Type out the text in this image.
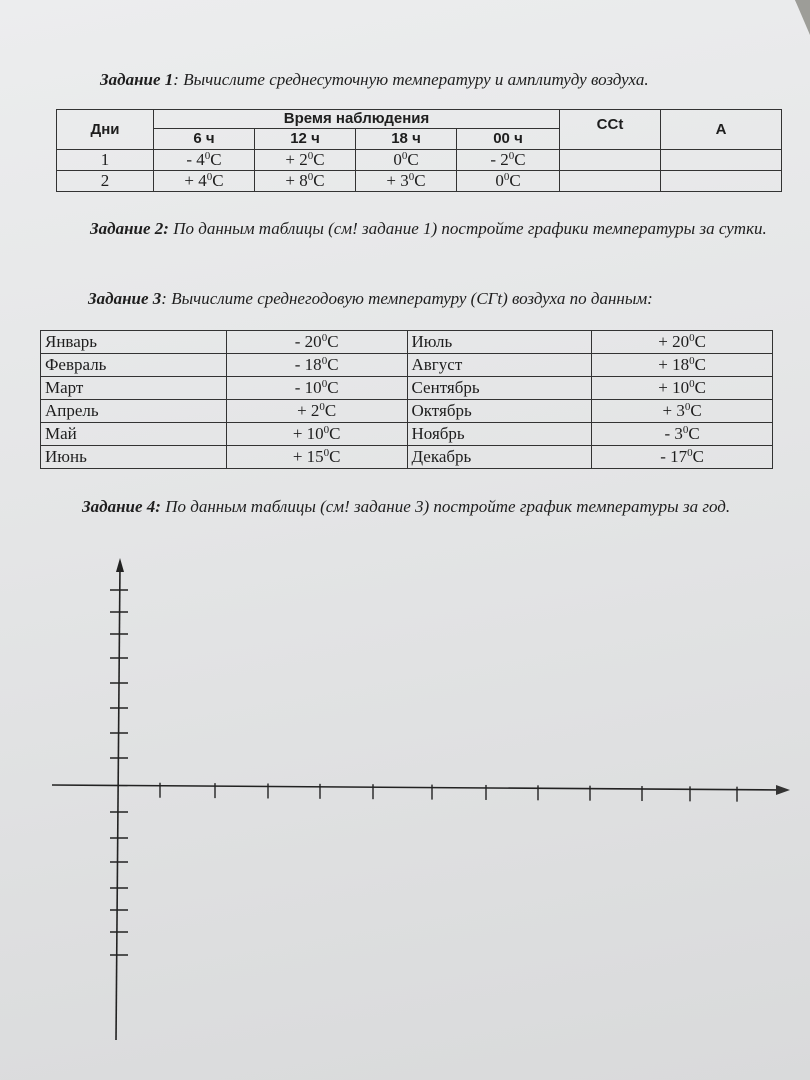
Задание 1: Вычислите среднесуточную температуру и амплитуду воздуха.
Дни	Время наблюдения				ССt	А
	6 ч	12 ч	18 ч	00 ч		
1	- $4^0C$	+ $2^0C$	$0^0C$	- $2^0C$		
2	+ $4^0C$	+ $8^0C$	+ $3^0C$	$0^0C$		
Задание 2: По данным таблицы (см! задание 1) постройте графики температуры за сутки.
Задание 3: Вычислите среднегодовую температуру (СГt) воздуха по данным:
Январь	- $20^0C$	Июль	+ $20^0C$
Февраль	- $18^0C$	Август	+ $18^0C$
Март	- $10^0C$	Сентябрь	+ $10^0C$
Апрель	+ $2^0C$	Октябрь	+ $3^0C$
Май	+ $10^0C$	Ноябрь	- $3^0C$
Июнь	+ $15^0C$	Декабрь	- $17^0C$
Задание 4: По данным таблицы (см! задание 3) постройте график температуры за год.
